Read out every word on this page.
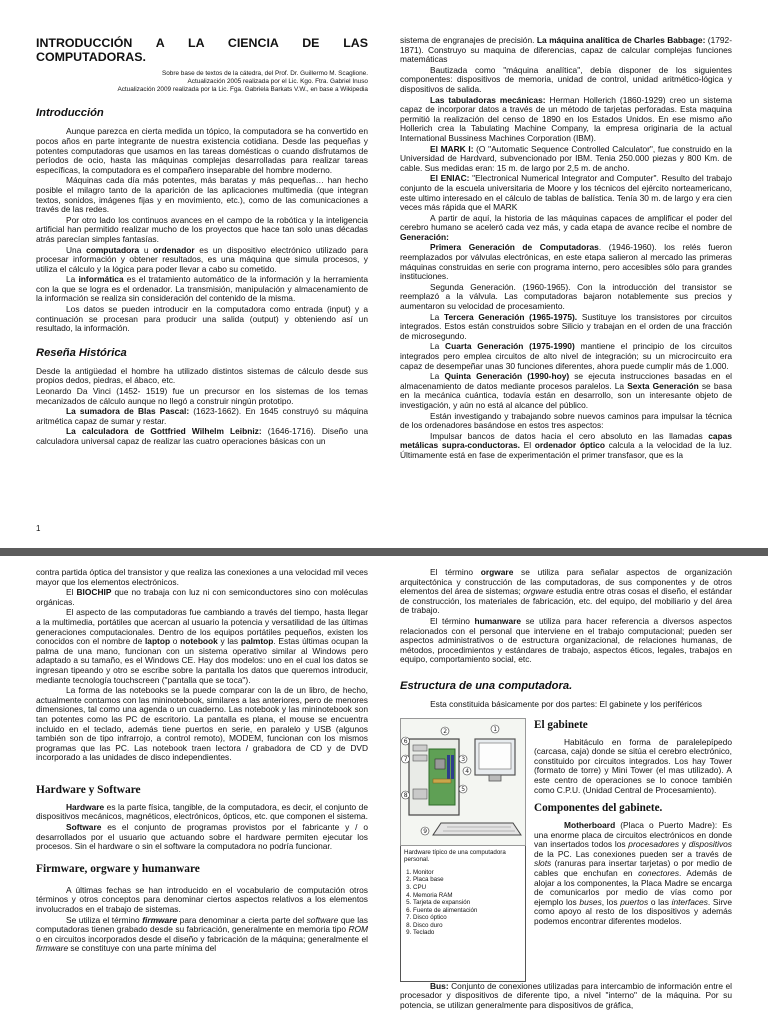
INTRODUCCIÓN A LA CIENCIA DE LAS COMPUTADORAS.
Sobre base de textos de la cátedra, del Prof. Dr. Guillermo M. Scaglione.
Actualización 2005 realizada por el Lic. Kgo. Ftra. Gabriel Inuso
Actualización 2009 realizada por la Lic. Fga. Gabriela Barkats V.W., en base a Wikipedia
Introducción

Aunque parezca en cierta medida un tópico, la computadora se ha convertido en pocos años en parte integrante de nuestra existencia cotidiana. Desde las pequeñas y potentes computadoras que usamos en las tareas domésticas o cuando disfrutamos de períodos de ocio, hasta las máquinas complejas desarrolladas para realizar tareas específicas, la computadora es el compañero inseparable del hombre moderno.

Máquinas cada día más potentes, más baratas y más pequeñas… han hecho posible el milagro tanto de la aparición de las aplicaciones multimedia (que integran textos, sonidos, imágenes fijas y en movimiento, etc.), como de las comunicaciones a través de las redes.

Por otro lado los continuos avances en el campo de la robótica y la inteligencia artificial han permitido realizar mucho de los proyectos que hace tan solo unas décadas atrás parecían simples fantasías.

Una computadora u ordenador es un dispositivo electrónico utilizado para procesar información y obtener resultados, es una máquina que simula procesos, y utiliza el cálculo y la lógica para poder llevar a cabo su cometido.

La informática es el tratamiento automático de la información y la herramienta con la que se logra es el ordenador. La transmisión, manipulación y almacenamiento de la información se realiza sin consideración del contenido de la misma.

Los datos se pueden introducir en la computadora como entrada (input) y a continuación se procesan para producir una salida (output) y obteniendo así un resultado, la información.

Reseña Histórica

Desde la antigüedad el hombre ha utilizado distintos sistemas de cálculo desde sus propios dedos, piedras, el ábaco, etc.

Leonardo Da Vinci (1452- 1519) fue un precursor en los sistemas de los temas mecanizados de cálculo aunque no llegó a construir ningún prototipo.

La sumadora de Blas Pascal: (1623-1662). En 1645 construyó su máquina aritmética capaz de sumar y restar.

La calculadora de Gottfried Wilhelm Leibniz: (1646-1716). Diseño una calculadora universal capaz de realizar las cuatro operaciones básicas con un

sistema de engranajes de precisión. La máquina analítica de Charles Babbage: (1792-1871). Construyo su maquina de diferencias, capaz de calcular complejas funciones matemáticas

Bautizada como "máquina analítica", debía disponer de los siguientes componentes: dispositivos de memoria, unidad de control, unidad aritmético-lógica y dispositivos de salida.

Las tabuladoras mecánicas: Herman Hollerich (1860-1929) creo un sistema capaz de incorporar datos a través de un método de tarjetas perforadas. Esta maquina permitió la realización del censo de 1890 en los Estados Unidos. En ese mismo año Hollerich crea la Tabulating Machine Company, la empresa originaria de la actual International Bussiness Machines Corporation (IBM).

El MARK I: (O "Automatic Sequence Controlled Calculator", fue construido en la Universidad de Hardvard, subvencionado por IBM. Tenia 250.000 piezas y 800 Km. de cable. Sus medidas eran: 15 m. de largo por 2,5 m. de ancho.

El ENIAC: "Electronical Numerical Integrator and Computer". Resulto del trabajo conjunto de la escuela universitaria de Moore y los técnicos del ejército norteamericano, este ultimo interesado en el cálculo de tablas de balística. Tenía 30 m. de largo y era cien veces más rápida que el MARK

A partir de aquí, la historia de las máquinas capaces de amplificar el poder del cerebro humano se aceleró cada vez más, y cada etapa de avance recibe el nombre de Generación:

Primera Generación de Computadoras. (1946-1960). los relés fueron reemplazados por válvulas electrónicas, en este etapa salieron al mercado las primeras máquinas construidas en serie con programa interno, pero accesibles sólo para grandes instituciones.

Segunda Generación. (1960-1965). Con la introducción del transistor se reemplazó a la válvula. Las computadoras bajaron notablemente sus precios y aumentaron su velocidad de procesamiento.

La Tercera Generación (1965-1975). Sustituye los transistores por circuitos integrados. Estos están construidos sobre Silicio y trabajan en el orden de una fracción de microsegundo.

La Cuarta Generación (1975-1990) mantiene el principio de los circuitos integrados pero emplea circuitos de alto nivel de integración; su un microcircuito era capaz de desempeñar unas 30 funciones diferentes, ahora puede cumplir más de 1.000.

La Quinta Generación (1990-hoy) se ejecuta instrucciones basadas en el almacenamiento de datos mediante procesos paralelos. La Sexta Generación se basa en la mecánica cuántica, todavía están en desarrollo, son un interesante objeto de investigación, y aún no está al alcance del público.

Están investigando y trabajando sobre nuevos caminos para impulsar la técnica de los ordenadores basándose en estos tres aspectos:

Impulsar bancos de datos hacia el cero absoluto en las llamadas capas metálicas supra-conductoras. El ordenador óptico calcula a la velocidad de la luz. Últimamente está en fase de experimentación el primer transfasor, que es la

1

contra partida óptica del transistor y que realiza las conexiones a una velocidad mil veces mayor que los elementos electrónicos.

El BIOCHIP que no trabaja con luz ni con semiconductores sino con moléculas orgánicas.

El aspecto de las computadoras fue cambiando a través del tiempo, hasta llegar a la multimedia, portátiles que acercan al usuario la potencia y versatilidad de las últimas generaciones computacionales. Dentro de los equipos portátiles pequeños, existen los conocidos con el nombre de laptop o notebook y las palmtop. Estas últimas ocupan la palma de una mano, funcionan con un sistema operativo similar al Windows pero adaptado a su tamaño, es el Windows CE. Hay dos modelos: uno en el cual los datos se ingresan tipeando y otro se escribe sobre la pantalla los datos que queremos introducir, mediante tecnología touchscreen ("pantalla que se toca").

La forma de las notebooks se la puede comparar con la de un libro, de hecho, actualmente contamos con las mininotebook, similares a las anteriores, pero de menores dimensiones, tal como una agenda o un cuaderno. Las notebook y las mininotebook son tan potentes como las PC de escritorio. La pantalla es plana, el mouse se encuentra incluido en el teclado, además tiene puertos en serie, en paralelo y USB (algunos también son de tipo infrarrojo, a control remoto), MODEM, funcionan con los mismos programas que las PC. Las notebook traen lectora / grabadora de CD y de DVD incorporado a las unidades de disco independientes.

Hardware y Software

Hardware es la parte física, tangible, de la computadora, es decir, el conjunto de dispositivos mecánicos, magnéticos, electrónicos, ópticos, etc. que componen el sistema.

Software es el conjunto de programas provistos por el fabricante y / o desarrollados por el usuario que actuando sobre el hardware permiten ejecutar los procesos. Sin el hardware o sin el software la computadora no podría funcionar.

Firmware, orgware y humanware

A últimas fechas se han introducido en el vocabulario de computación otros términos y otros conceptos para denominar ciertos aspectos relativos a los elementos involucrados en el trabajo de sistemas.

Se utiliza el término firmware para denominar a cierta parte del software que las computadoras tienen grabado desde su fabricación, generalmente en memoria tipo ROM o en circuitos incorporados desde el diseño y fabricación de la máquina; generalmente el firmware se constituye con una parte mínima del

El término orgware se utiliza para señalar aspectos de organización arquitectónica y construcción de las computadoras, de sus componentes y de otros elementos del área de sistemas; orgware estudia entre otras cosas el diseño, el estándar de construcción, los materiales de fabricación, etc. del equipo, del mobiliario y del área de trabajo.

El término humanware se utiliza para hacer referencia a diversos aspectos relacionados con el personal que interviene en el trabajo computacional; pueden ser aspectos administrativos o de estructura organizacional, de relaciones humanas, de métodos, procedimientos y estándares de trabajo, aspectos éticos, legales, trabajos en equipo, comportamiento social, etc.

Estructura de una computadora.

Esta constituida básicamente por dos partes: El gabinete y los periféricos

1
2
3
4
5
6
7
8
9
Hardware típico de una computadora personal.
1. Monitor
2. Placa base
3. CPU
4. Memoria RAM
5. Tarjeta de expansión
6. Fuente de alimentación
7. Disco óptico
8. Disco duro
9. Teclado
El gabinete

Habitáculo en forma de paralelepípedo (carcasa, caja) donde se sitúa el cerebro electrónico, constituido por circuitos integrados. Los hay Tower (formato de torre) y Mini Tower (el mas utilizado). A este centro de operaciones se lo conoce también como C.P.U. (Unidad Central de Procesamiento).

Componentes del gabinete.

Motherboard (Placa o Puerto Madre): Es una enorme placa de circuitos electrónicos en donde van insertados todos los procesadores y dispositivos de la PC. Las conexiones pueden ser a través de slots (ranuras para insertar tarjetas) o por medio de cables que enchufan en conectores. Además de alojar a los componentes, la Placa Madre se encarga de comunicarlos por medio de vías como por ejemplo los buses, los puertos o las interfaces. Sirve como apoyo al resto de los dispositivos y además podemos encontrar diferentes modelos.

Bus: Conjunto de conexiones utilizadas para intercambio de información entre el procesador y dispositivos de diferente tipo, a nivel "interno" de la máquina. Por su potencia, se utilizan generalmente para dispositivos de gráfica,
